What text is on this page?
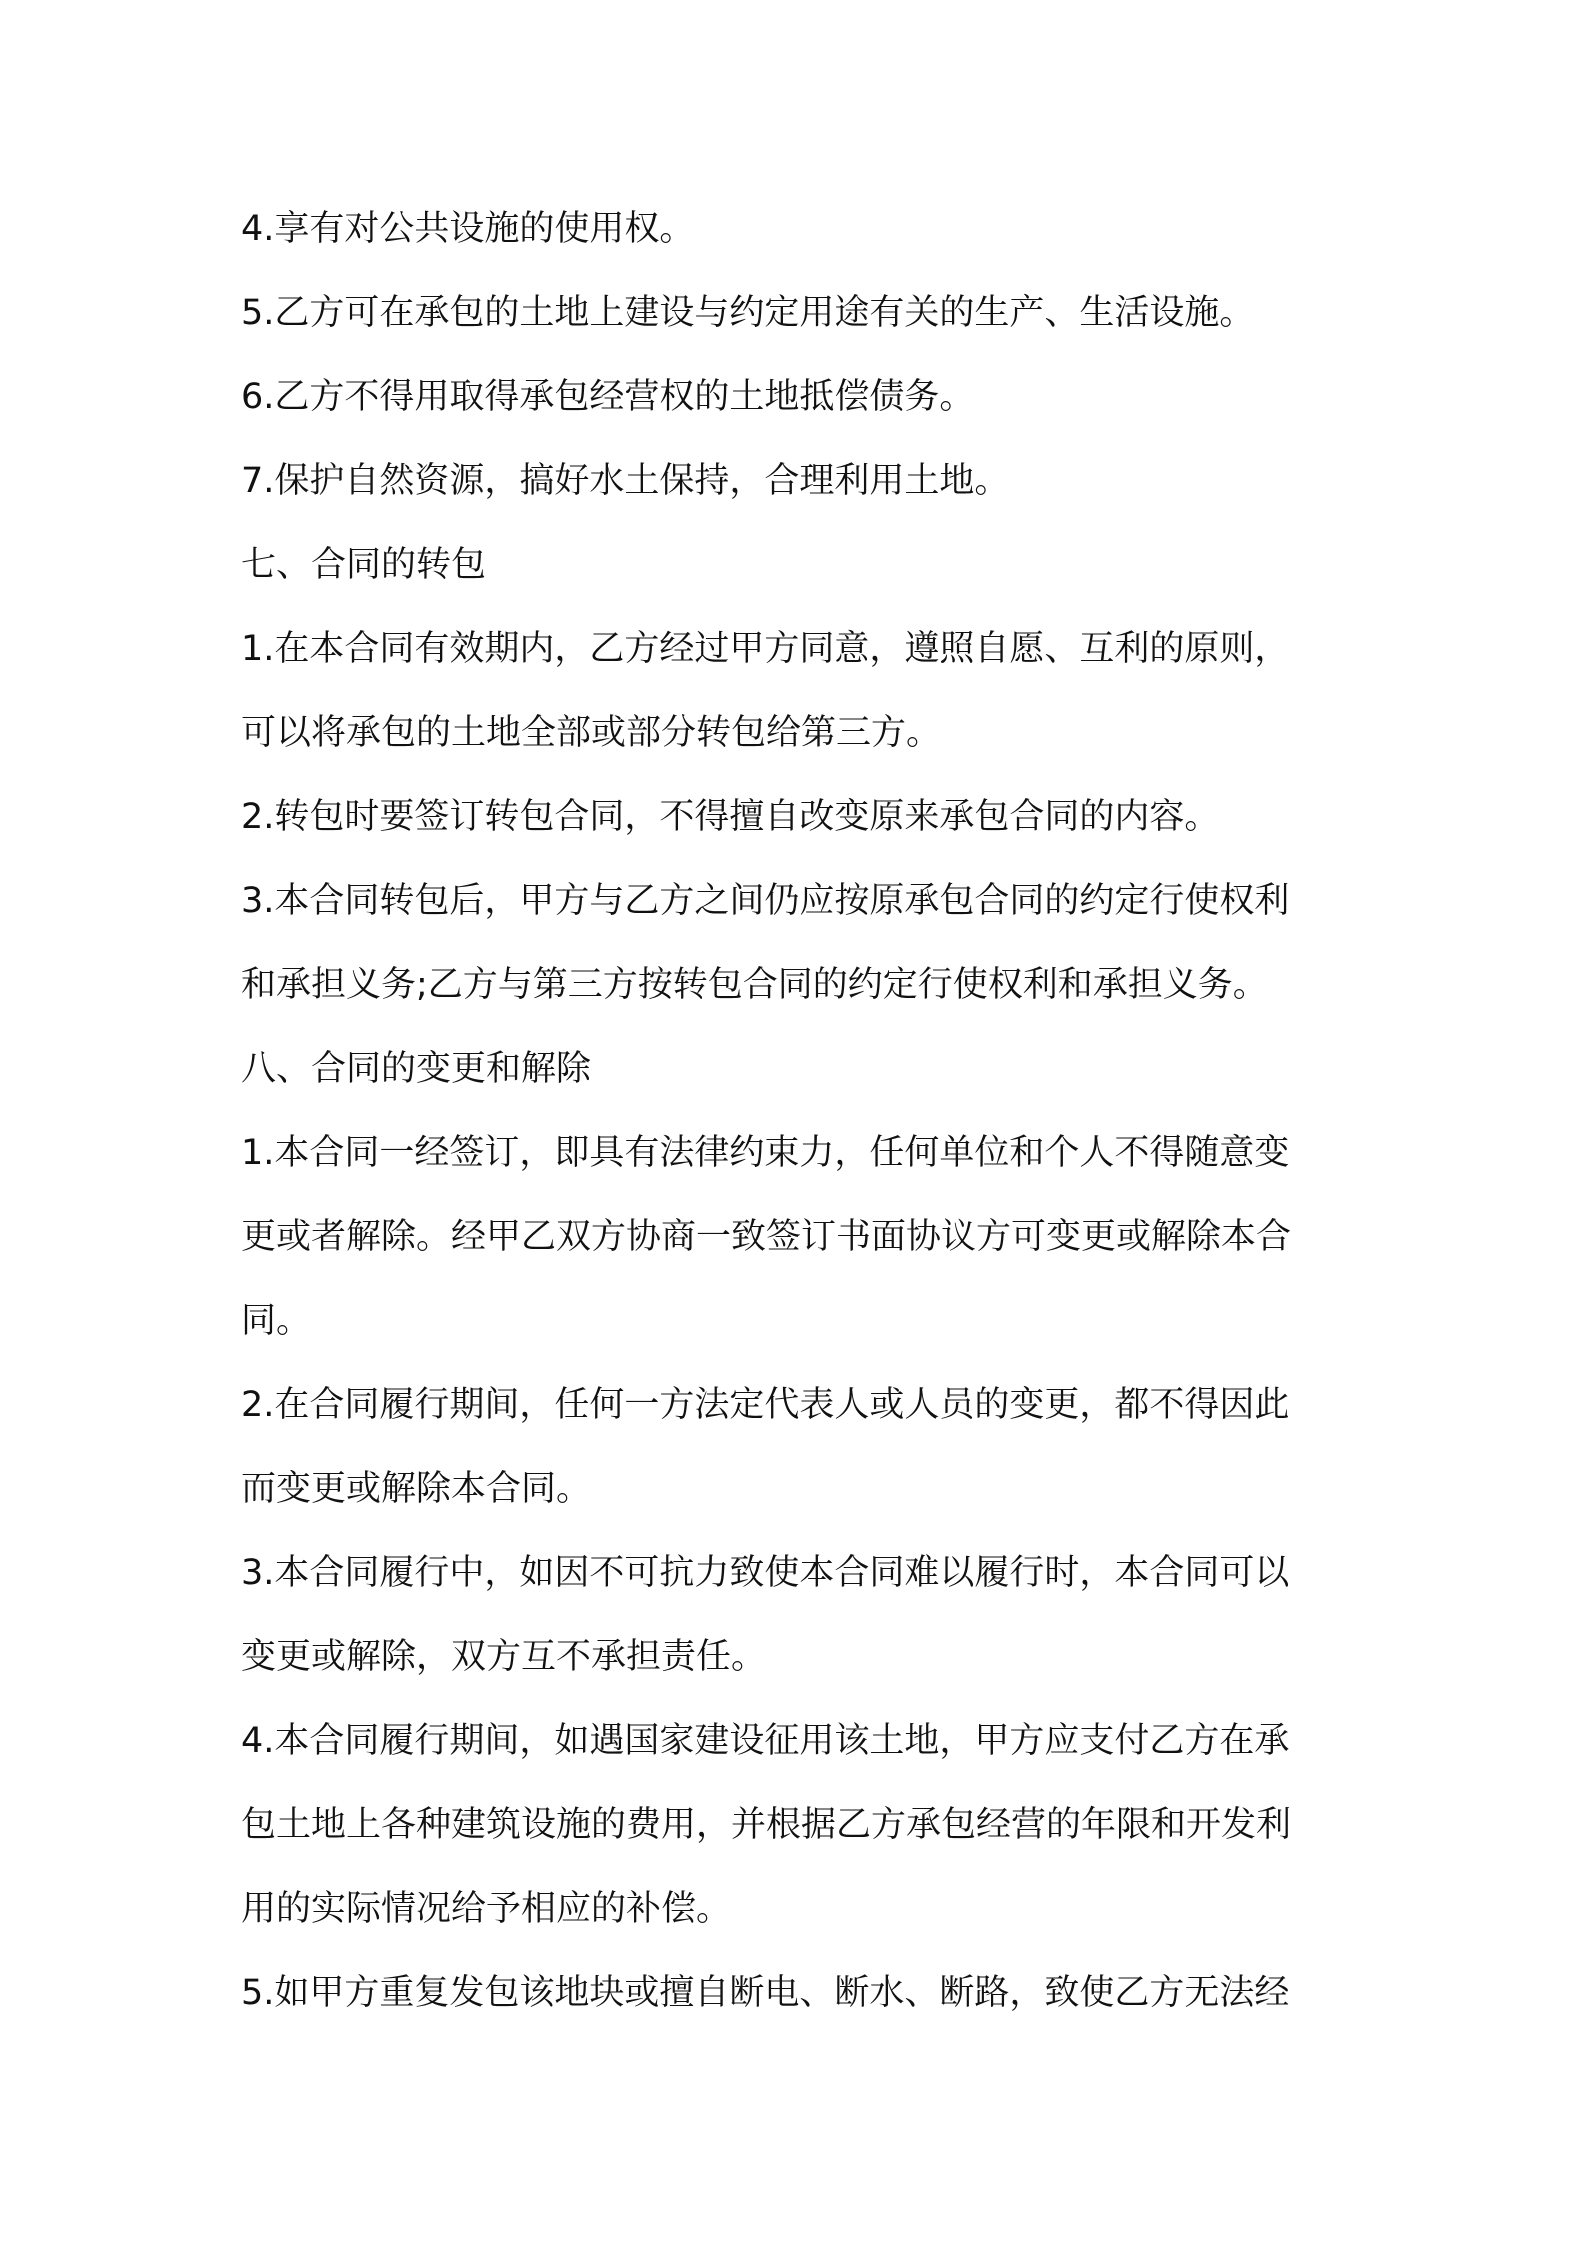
4.享有对公共设施的使用权。
5.乙方可在承包的土地上建设与约定用途有关的生产、生活设施。
6.乙方不得用取得承包经营权的土地抵偿债务。
7.保护自然资源，搞好水土保持，合理利用土地。
七、合同的转包
1.在本合同有效期内，乙方经过甲方同意，遵照自愿、互利的原则，
可以将承包的土地全部或部分转包给第三方。
2.转包时要签订转包合同，不得擅自改变原来承包合同的内容。
3.本合同转包后，甲方与乙方之间仍应按原承包合同的约定行使权利
和承担义务;乙方与第三方按转包合同的约定行使权利和承担义务。
八、合同的变更和解除
1.本合同一经签订，即具有法律约束力，任何单位和个人不得随意变
更或者解除。经甲乙双方协商一致签订书面协议方可变更或解除本合
同。
2.在合同履行期间，任何一方法定代表人或人员的变更，都不得因此
而变更或解除本合同。
3.本合同履行中，如因不可抗力致使本合同难以履行时，本合同可以
变更或解除，双方互不承担责任。
4.本合同履行期间，如遇国家建设征用该土地，甲方应支付乙方在承
包土地上各种建筑设施的费用，并根据乙方承包经营的年限和开发利
用的实际情况给予相应的补偿。
5.如甲方重复发包该地块或擅自断电、断水、断路，致使乙方无法经
